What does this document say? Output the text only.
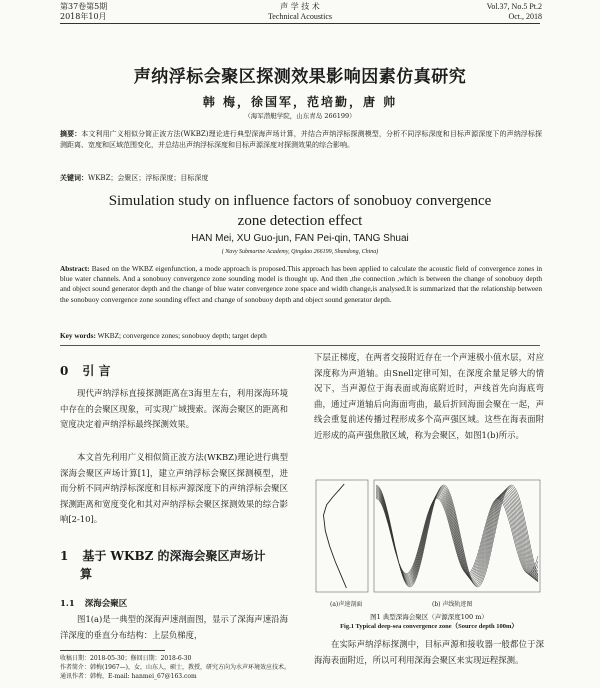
第37卷第5期
2018年10月
声 学 技 术
Technical Acoustics
Vol.37, No.5 Pt.2
Oct., 2018
声纳浮标会聚区探测效果影响因素仿真研究
韩 梅，徐国军，范培勤，唐 帅
（海军潜艇学院，山东青岛 266199）
摘要：本文利用广义相似分简正波方法(WKBZ)理论进行典型深海声场计算，并结合声纳浮标探测模型，分析不同浮标深度和目标声源深度下的声纳浮标探测距离、宽度和区域范围变化，并总结出声纳浮标深度和目标声源深度对探测效果的综合影响。
关键词：WKBZ；会聚区；浮标深度；目标深度
Simulation study on influence factors of sonobuoy convergence
zone detection effect
HAN Mei, XU Guo-jun, FAN Pei-qin, TANG Shuai
( Navy Submarine Academy, Qingdao 266199, Shandong, China)
Abstract: Based on the WKBZ eigenfunction, a mode approach is proposed.This approach has been applied to calculate the acoustic field of convergence zones in blue water channels. And a sonobuoy convergence zone sounding model is thought up. And then ,the connection ,which is between the change of sonobuoy depth and object sound generator depth and the change of blue water convergence zone space and width change,is analysed.It is summarized that the relationship between the sonobuoy convergence zone sounding effect and change of sonobuoy depth and object sound generator depth.
Key words: WKBZ; convergence zones; sonobuoy depth; target depth
0 引 言
现代声纳浮标直接探测距离在3海里左右，利用深海环境中存在的会聚区现象，可实现广域搜索。深海会聚区的距离和宽度决定着声纳浮标最终探测效果。
本文首先利用广义相似简正波方法(WKBZ)理论进行典型深海会聚区声场计算[1]，建立声纳浮标会聚区探测模型，进而分析不同声纳浮标深度和目标声源深度下的声纳浮标会聚区探测距离和宽度变化和其对声纳浮标会聚区探测效果的综合影响[2-10]。
1 基于 WKBZ 的深海会聚区声场计
算
1.1 深海会聚区
图1(a)是一典型的深海声速剖面图，显示了深海声速沿海洋深度的垂直分布结构：上层负梯度，
收稿日期：2018-05-30；修回日期：2018-6-30
作者简介：韩梅(1967—)，女，山东人，硕士，教授，研究方向为水声环境效应技术。
通讯作者：韩梅，E-mail: hanmei_67@163.com
下层正梯度，在两者交接附近存在一个声速极小值水层，对应深度称为声道轴。由Snell定律可知，在深度余量足够大的情况下，当声源位于海表面或海底附近时，声线首先向海底弯曲，通过声道轴后向海面弯曲，最后折回海面会聚在一起，声线会重复前述传播过程形成多个高声强区域。这些在海表面附近形成的高声强焦散区域，称为会聚区，如图1(b)所示。
(a)声速剖面	(b) 声线轨迹图
图1 典型深海会聚区（声源深度100 m）
Fig.1 Typical deep-sea convergence zone（Source depth 100m）
在实际声纳浮标探测中，目标声源和接收器一般都位于深海海表面附近，所以可利用深海会聚区来实现远程探测。
